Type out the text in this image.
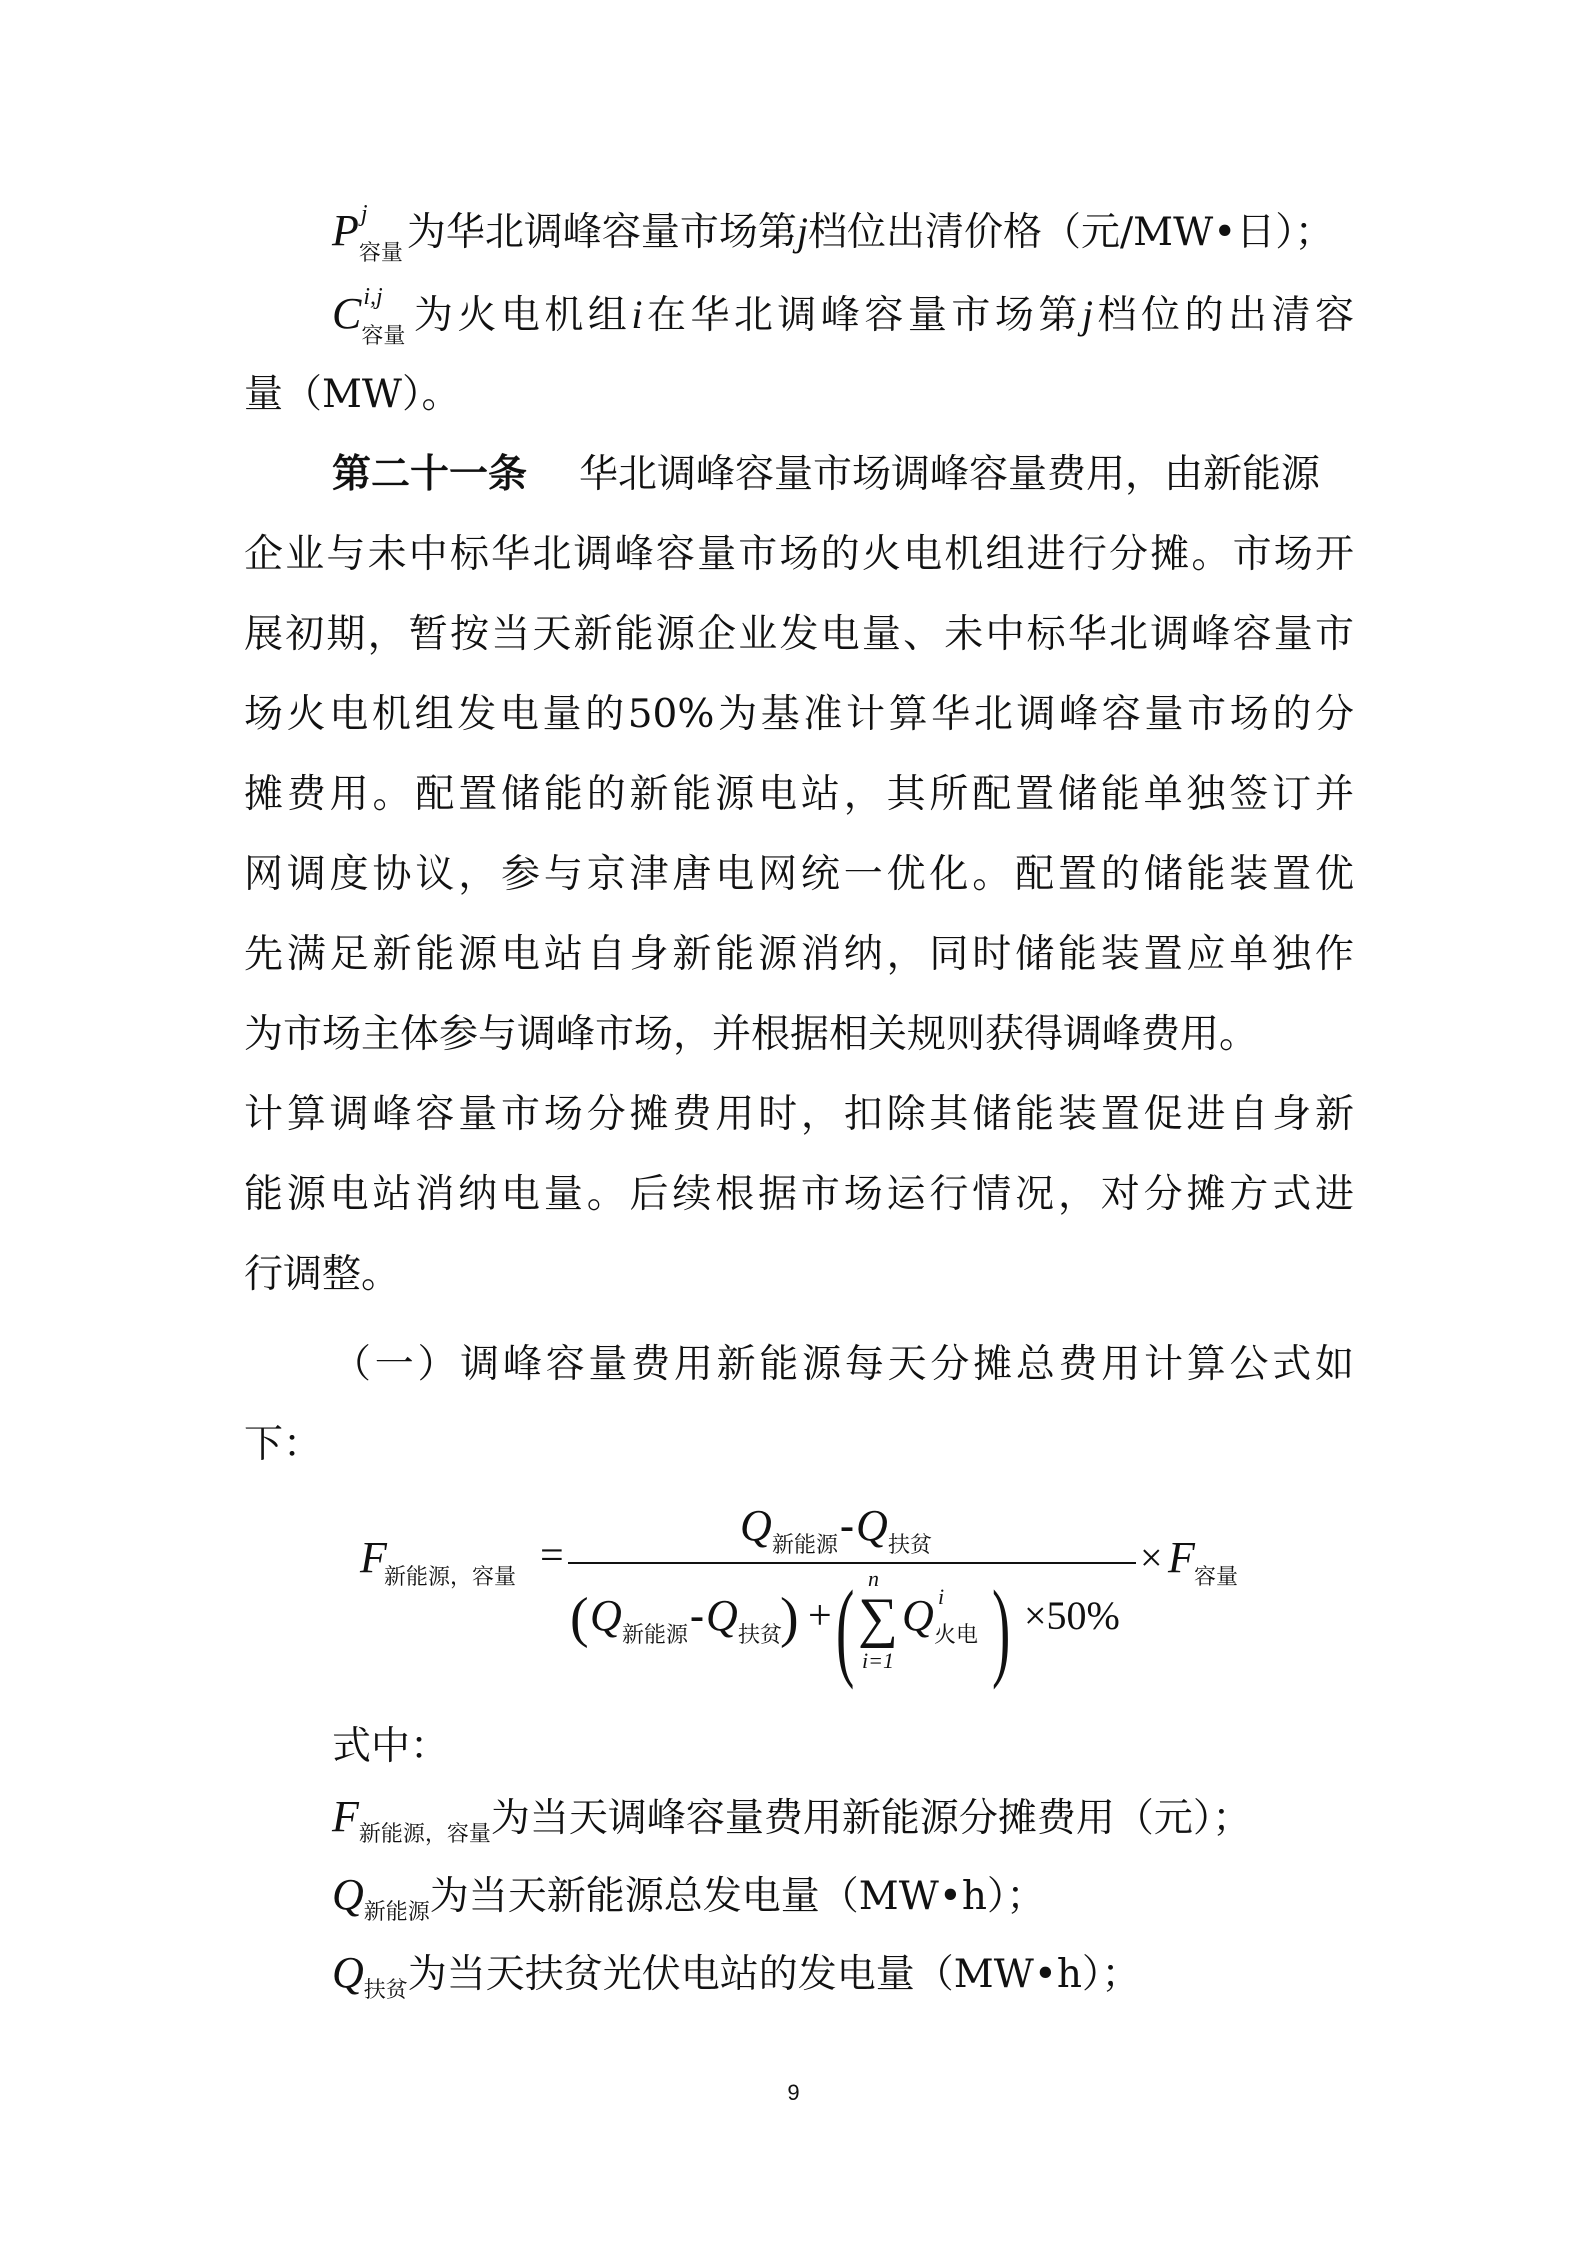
P j
容量 为华北调峰容量市场第j档位出清价格（元/MW•日）；
C i,j
容量 为火电机组i在华北调峰容量市场第j档位的出清容
量（MW）。
第二十一条 华北调峰容量市场调峰容量费用，由新能源
企业与未中标华北调峰容量市场的火电机组进行分摊。市场开
展初期，暂按当天新能源企业发电量、未中标华北调峰容量市
场火电机组发电量的50%为基准计算华北调峰容量市场的分
摊费用。配置储能的新能源电站，其所配置储能单独签订并
网调度协议，参与京津唐电网统一优化。配置的储能装置优
先满足新能源电站自身新能源消纳，同时储能装置应单独作
为市场主体参与调峰市场，并根据相关规则获得调峰费用。
计算调峰容量市场分摊费用时，扣除其储能装置促进自身新
能源电站消纳电量。后续根据市场运行情况，对分摊方式进
行调整。
（一）调峰容量费用新能源每天分摊总费用计算公式如
下：
F
新能源，容量 =
Q 新能源 - Q 扶贫
( Q 新能源 - Q 扶贫
) + ( n
∑
i=1
Q i
火电 ) ×50%
× F 容量
式中：
$F_{新能源,容量}$为当天调峰容量费用新能源分摊费用（元）；
$Q_{新能源}$为当天新能源总发电量（MW•h）；
$Q_{扶贫}$为当天扶贫光伏电站的发电量（MW•h）；
9
